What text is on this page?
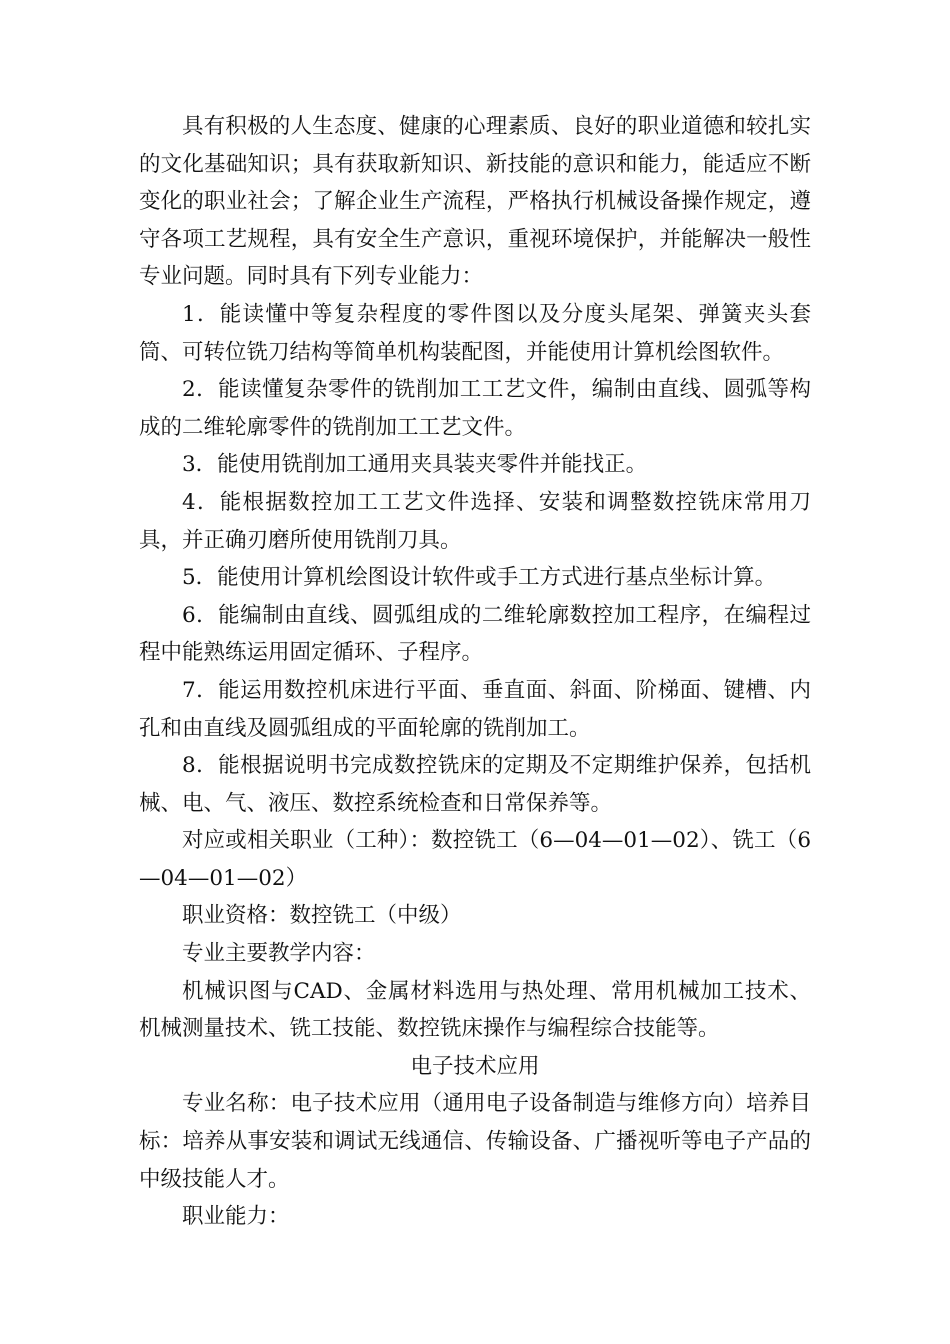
具有积极的人生态度、健康的心理素质、良好的职业道德和较扎实的文化基础知识；具有获取新知识、新技能的意识和能力，能适应不断变化的职业社会；了解企业生产流程，严格执行机械设备操作规定，遵守各项工艺规程，具有安全生产意识，重视环境保护，并能解决一般性专业问题。同时具有下列专业能力：

1．能读懂中等复杂程度的零件图以及分度头尾架、弹簧夹头套筒、可转位铣刀结构等简单机构装配图，并能使用计算机绘图软件。

2．能读懂复杂零件的铣削加工工艺文件，编制由直线、圆弧等构成的二维轮廓零件的铣削加工工艺文件。

3．能使用铣削加工通用夹具装夹零件并能找正。

4．能根据数控加工工艺文件选择、安装和调整数控铣床常用刀具，并正确刃磨所使用铣削刀具。

5．能使用计算机绘图设计软件或手工方式进行基点坐标计算。

6．能编制由直线、圆弧组成的二维轮廓数控加工程序，在编程过程中能熟练运用固定循环、子程序。

7．能运用数控机床进行平面、垂直面、斜面、阶梯面、键槽、内孔和由直线及圆弧组成的平面轮廓的铣削加工。

8．能根据说明书完成数控铣床的定期及不定期维护保养，包括机械、电、气、液压、数控系统检查和日常保养等。

对应或相关职业（工种）：数控铣工（6—04—01—02）、铣工（6—04—01—02）

职业资格：数控铣工（中级）

专业主要教学内容：

机械识图与CAD、金属材料选用与热处理、常用机械加工技术、机械测量技术、铣工技能、数控铣床操作与编程综合技能等。

电子技术应用

专业名称：电子技术应用（通用电子设备制造与维修方向）培养目标：培养从事安装和调试无线通信、传输设备、广播视听等电子产品的中级技能人才。

职业能力：
